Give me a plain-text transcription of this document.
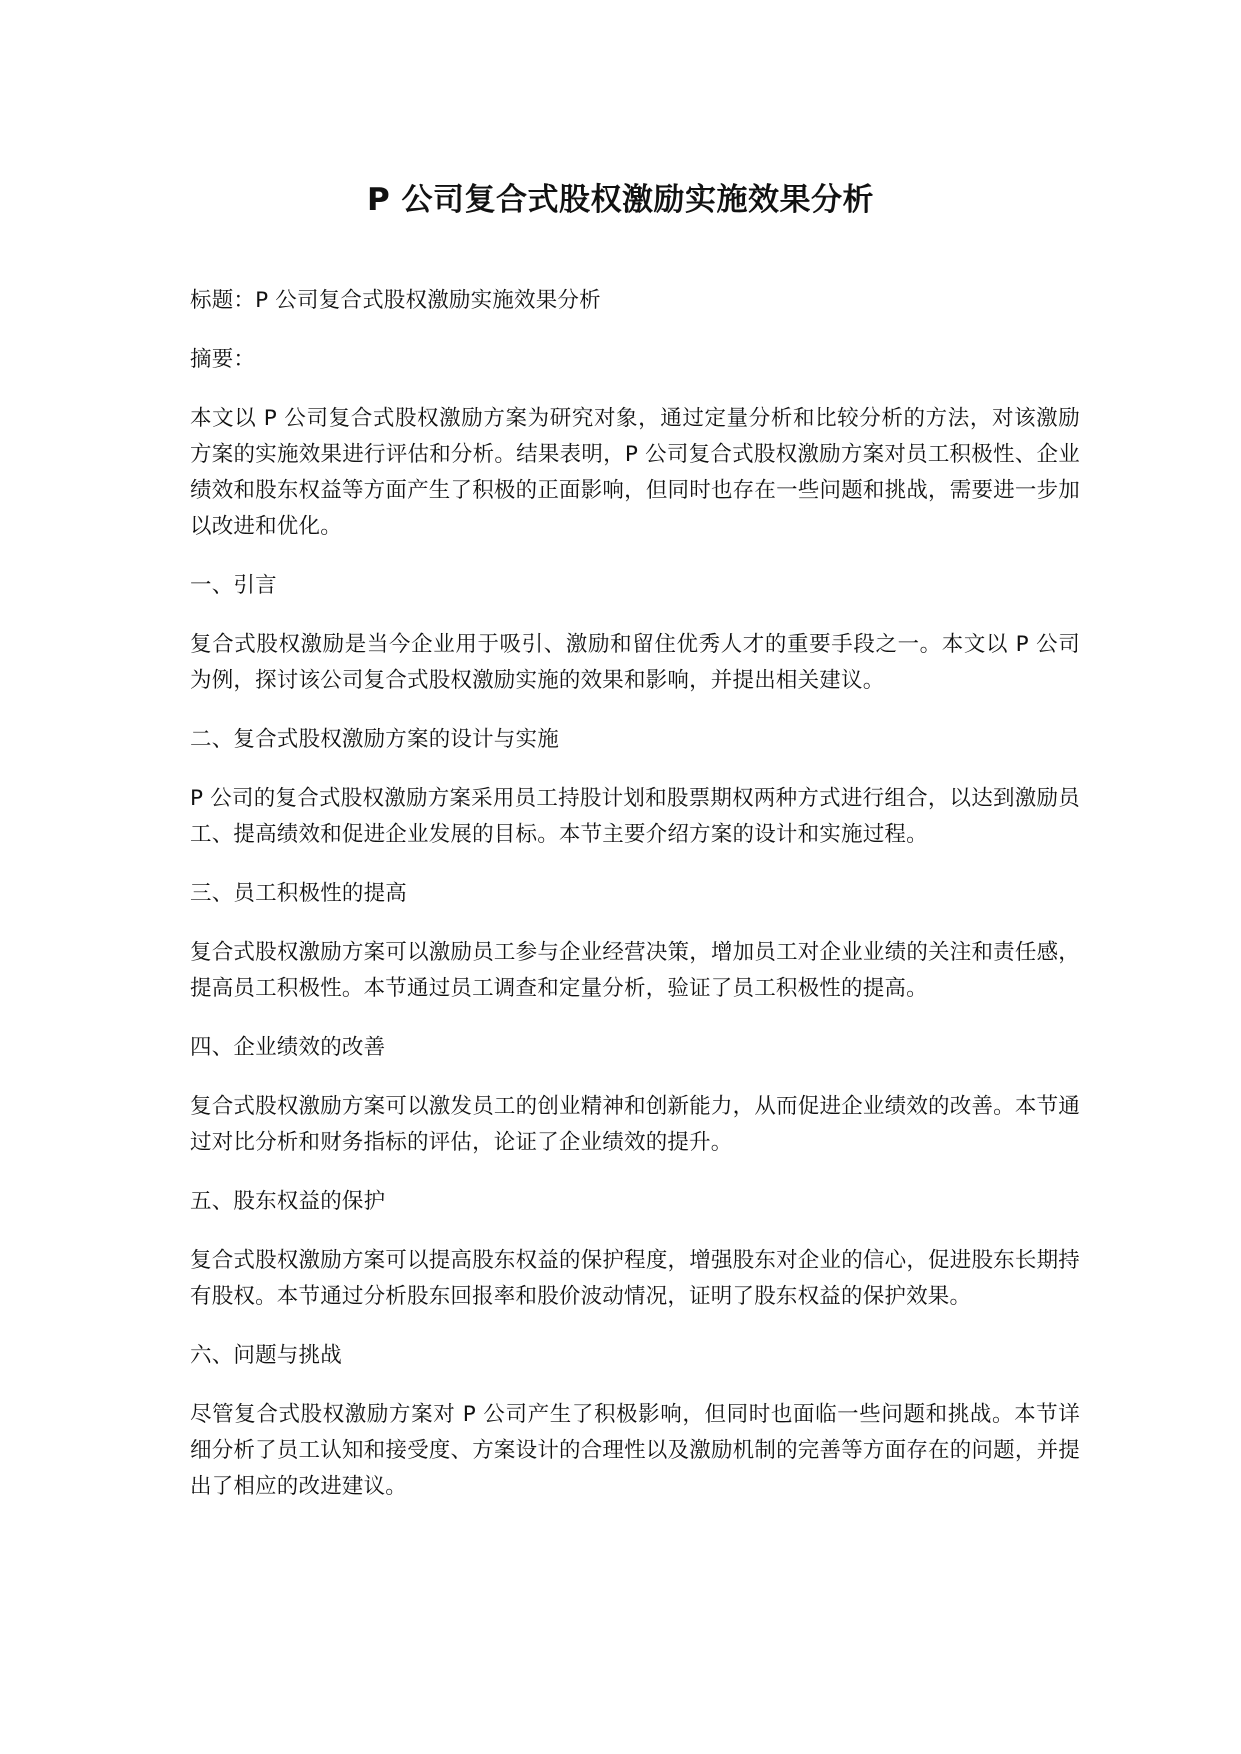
P 公司复合式股权激励实施效果分析

标题：P 公司复合式股权激励实施效果分析

摘要：

本文以 P 公司复合式股权激励方案为研究对象，通过定量分析和比较分析的方法，对该激励方案的实施效果进行评估和分析。结果表明，P 公司复合式股权激励方案对员工积极性、企业绩效和股东权益等方面产生了积极的正面影响，但同时也存在一些问题和挑战，需要进一步加以改进和优化。

一、引言

复合式股权激励是当今企业用于吸引、激励和留住优秀人才的重要手段之一。本文以 P 公司为例，探讨该公司复合式股权激励实施的效果和影响，并提出相关建议。

二、复合式股权激励方案的设计与实施

P 公司的复合式股权激励方案采用员工持股计划和股票期权两种方式进行组合，以达到激励员工、提高绩效和促进企业发展的目标。本节主要介绍方案的设计和实施过程。

三、员工积极性的提高

复合式股权激励方案可以激励员工参与企业经营决策，增加员工对企业业绩的关注和责任感，提高员工积极性。本节通过员工调查和定量分析，验证了员工积极性的提高。

四、企业绩效的改善

复合式股权激励方案可以激发员工的创业精神和创新能力，从而促进企业绩效的改善。本节通过对比分析和财务指标的评估，论证了企业绩效的提升。

五、股东权益的保护

复合式股权激励方案可以提高股东权益的保护程度，增强股东对企业的信心，促进股东长期持有股权。本节通过分析股东回报率和股价波动情况，证明了股东权益的保护效果。

六、问题与挑战

尽管复合式股权激励方案对 P 公司产生了积极影响，但同时也面临一些问题和挑战。本节详细分析了员工认知和接受度、方案设计的合理性以及激励机制的完善等方面存在的问题，并提出了相应的改进建议。
